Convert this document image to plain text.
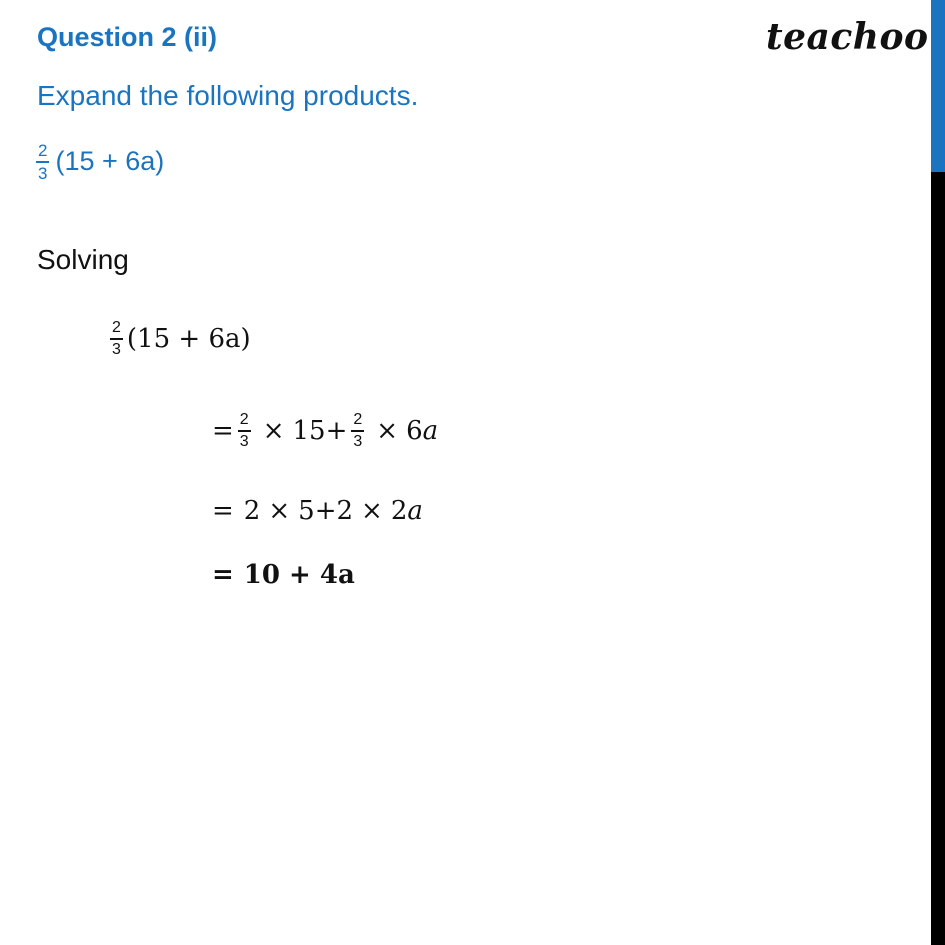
Question 2 (ii)	teachoo
Expand the following products.
$\frac{2}{3} (15 + 6a)$
Solving
$\frac{2}{3} (15 + 6a)$
= $\frac{2}{3} \times 15 + \frac{2}{3} \times 6$ a
= 2 × 5 + 2 × 2 a
= 10 + 4a
